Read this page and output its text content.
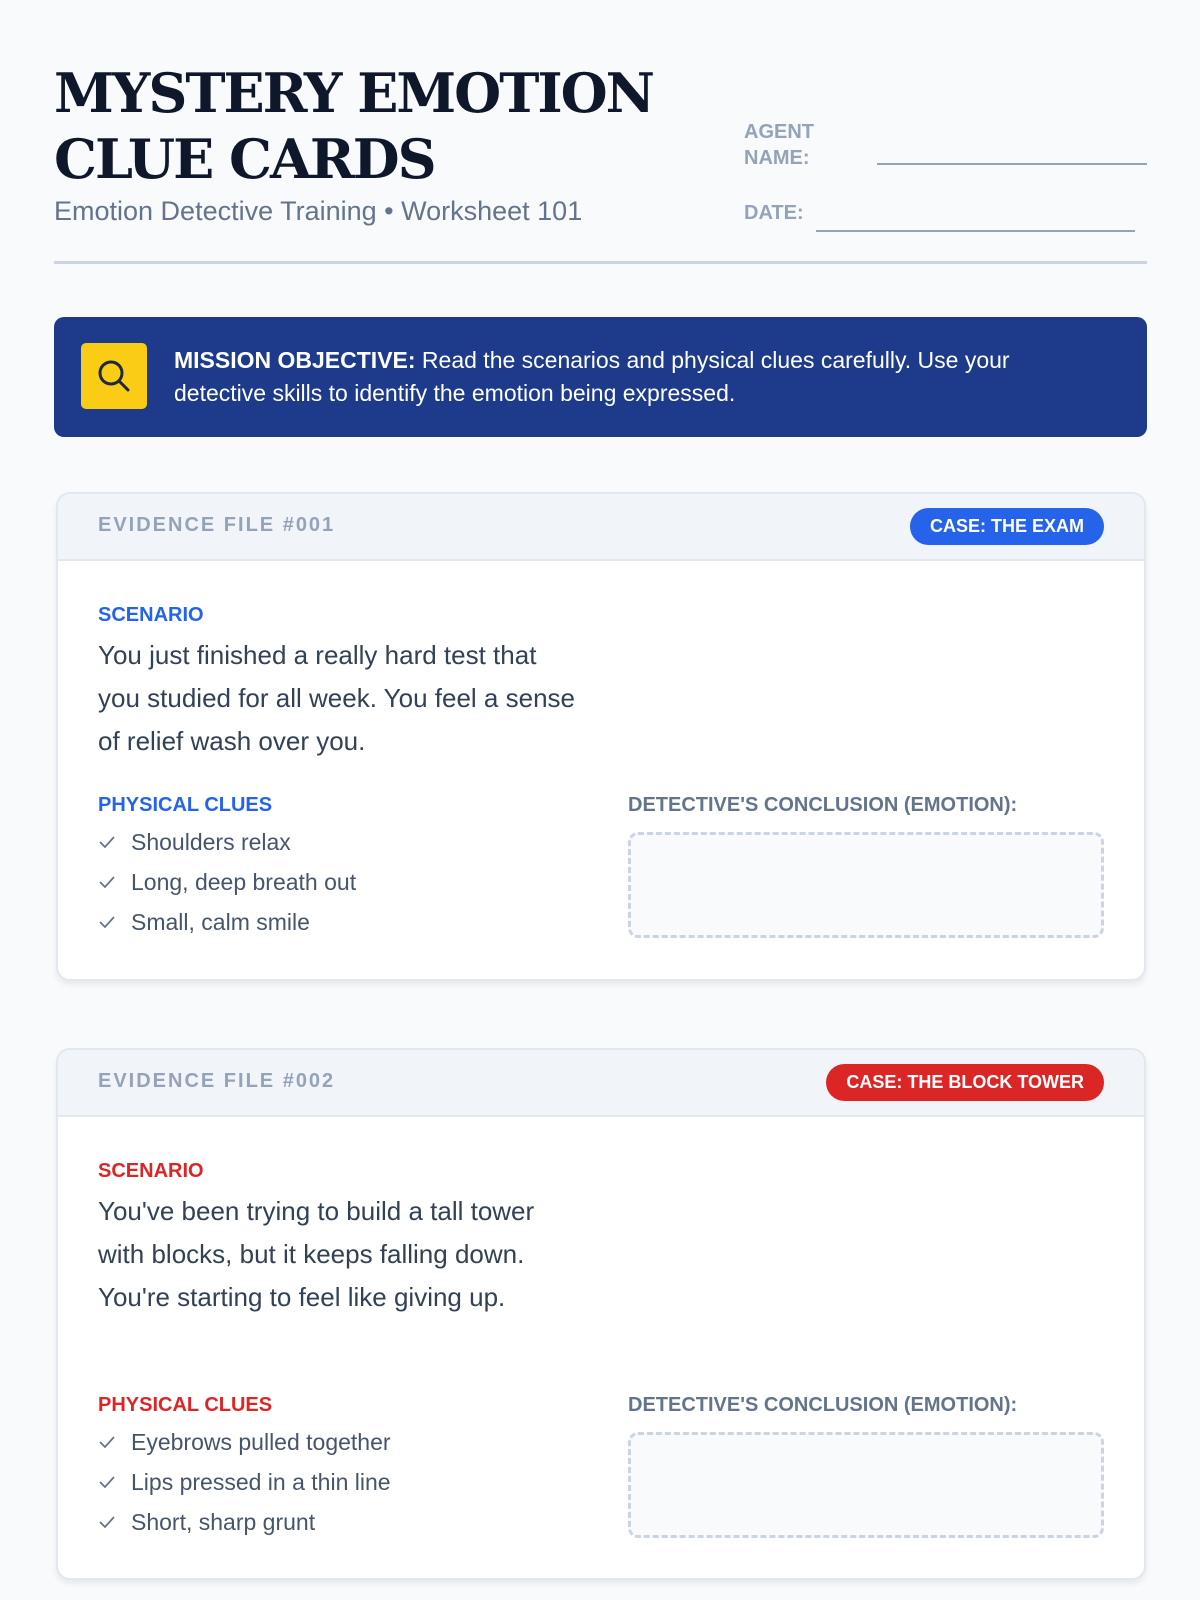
MYSTERY EMOTION
CLUE CARDS
Emotion Detective Training • Worksheet 101
AGENT
NAME:
DATE:
MISSION OBJECTIVE: Read the scenarios and physical clues carefully. Use your detective skills to identify the emotion being expressed.
EVIDENCE FILE #001	CASE: THE EXAM
SCENARIO
You just finished a really hard test that you studied for all week. You feel a sense of relief wash over you.
PHYSICAL CLUES
Shoulders relax
Long, deep breath out
Small, calm smile
DETECTIVE'S CONCLUSION (EMOTION):
EVIDENCE FILE #002	CASE: THE BLOCK TOWER
SCENARIO
You've been trying to build a tall tower with blocks, but it keeps falling down. You're starting to feel like giving up.
PHYSICAL CLUES
Eyebrows pulled together
Lips pressed in a thin line
Short, sharp grunt
DETECTIVE'S CONCLUSION (EMOTION):
